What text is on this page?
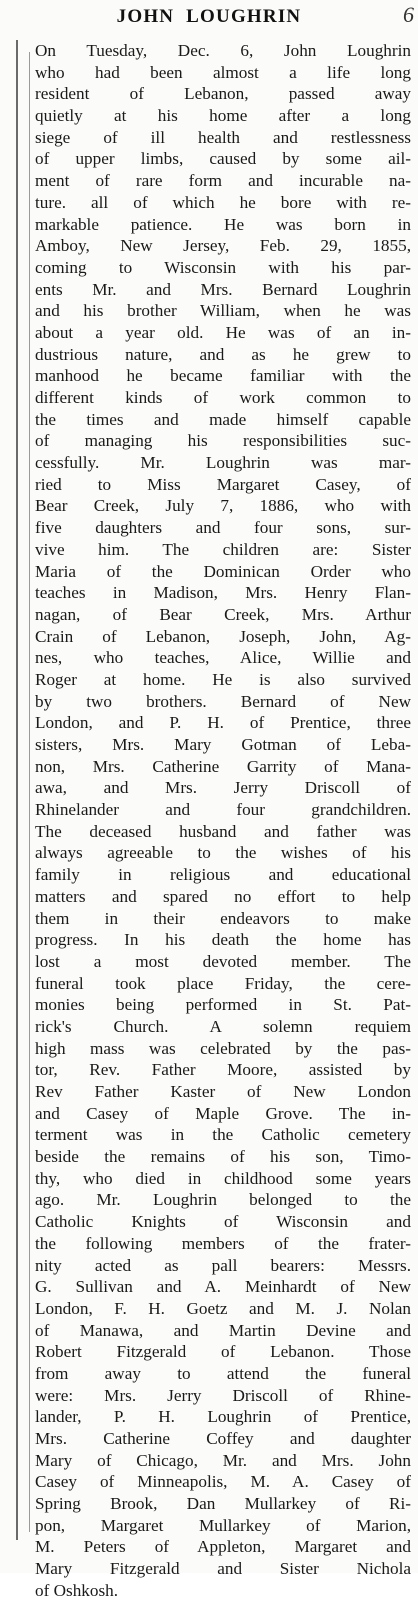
6
JOHN LOUGHRIN
On Tuesday, Dec. 6, John Loughrin
who had been almost a life long
resident of Lebanon, passed away
quietly at his home after a long
siege of ill health and restlessness
of upper limbs, caused by some ail-
ment of rare form and incurable na-
ture. all of which he bore with re-
markable patience. He was born in
Amboy, New Jersey, Feb. 29, 1855,
coming to Wisconsin with his par-
ents Mr. and Mrs. Bernard Loughrin
and his brother William, when he was
about a year old. He was of an in-
dustrious nature, and as he grew to
manhood he became familiar with the
different kinds of work common to
the times and made himself capable
of managing his responsibilities suc-
cessfully. Mr. Loughrin was mar-
ried to Miss Margaret Casey, of
Bear Creek, July 7, 1886, who with
five daughters and four sons, sur-
vive him. The children are: Sister
Maria of the Dominican Order who
teaches in Madison, Mrs. Henry Flan-
nagan, of Bear Creek, Mrs. Arthur
Crain of Lebanon, Joseph, John, Ag-
nes, who teaches, Alice, Willie and
Roger at home. He is also survived
by two brothers. Bernard of New
London, and P. H. of Prentice, three
sisters, Mrs. Mary Gotman of Leba-
non, Mrs. Catherine Garrity of Mana-
awa, and Mrs. Jerry Driscoll of
Rhinelander and four grandchildren.
The deceased husband and father was
always agreeable to the wishes of his
family in religious and educational
matters and spared no effort to help
them in their endeavors to make
progress. In his death the home has
lost a most devoted member. The
funeral took place Friday, the cere-
monies being performed in St. Pat-
rick's Church. A solemn requiem
high mass was celebrated by the pas-
tor, Rev. Father Moore, assisted by
Rev Father Kaster of New London
and Casey of Maple Grove. The in-
terment was in the Catholic cemetery
beside the remains of his son, Timo-
thy, who died in childhood some years
ago. Mr. Loughrin belonged to the
Catholic Knights of Wisconsin and
the following members of the frater-
nity acted as pall bearers: Messrs.
G. Sullivan and A. Meinhardt of New
London, F. H. Goetz and M. J. Nolan
of Manawa, and Martin Devine and
Robert Fitzgerald of Lebanon. Those
from away to attend the funeral
were: Mrs. Jerry Driscoll of Rhine-
lander, P. H. Loughrin of Prentice,
Mrs. Catherine Coffey and daughter
Mary of Chicago, Mr. and Mrs. John
Casey of Minneapolis, M. A. Casey of
Spring Brook, Dan Mullarkey of Ri-
pon, Margaret Mullarkey of Marion,
M. Peters of Appleton, Margaret and
Mary Fitzgerald and Sister Nichola
of Oshkosh.
